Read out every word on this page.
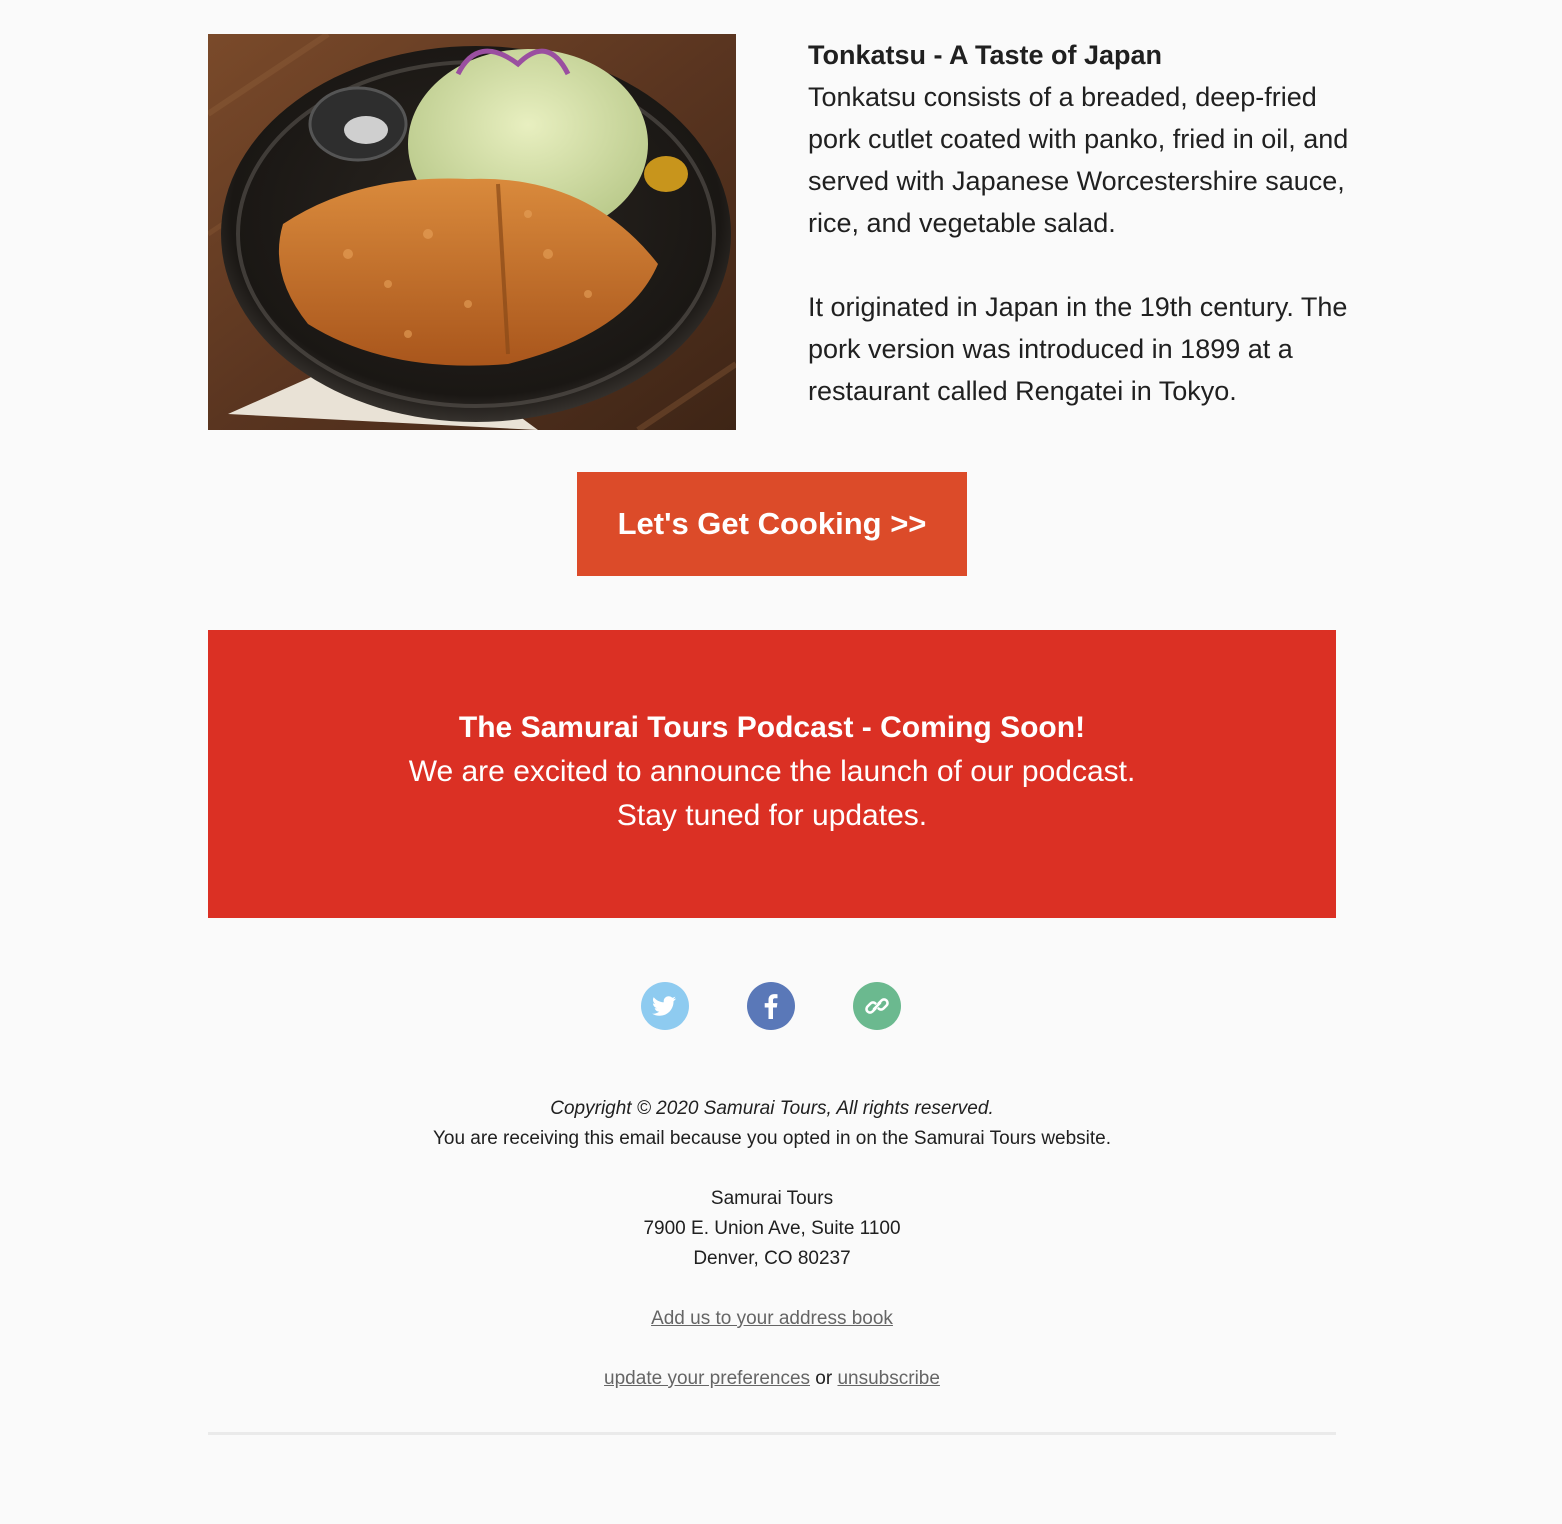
Tonkatsu - A Taste of Japan

Tonkatsu consists of a breaded, deep-fried pork cutlet coated with panko, fried in oil, and served with Japanese Worcestershire sauce, rice, and vegetable salad.

It originated in Japan in the 19th century. The pork version was introduced in 1899 at a restaurant called Rengatei in Tokyo.

Let's Get Cooking >>
The Samurai Tours Podcast - Coming Soon!
We are excited to announce the launch of our podcast.
Stay tuned for updates.
Copyright © 2020 Samurai Tours, All rights reserved.
You are receiving this email because you opted in on the Samurai Tours website.
Samurai Tours
7900 E. Union Ave, Suite 1100
Denver, CO 80237
Add us to your address book
update your preferences or unsubscribe
